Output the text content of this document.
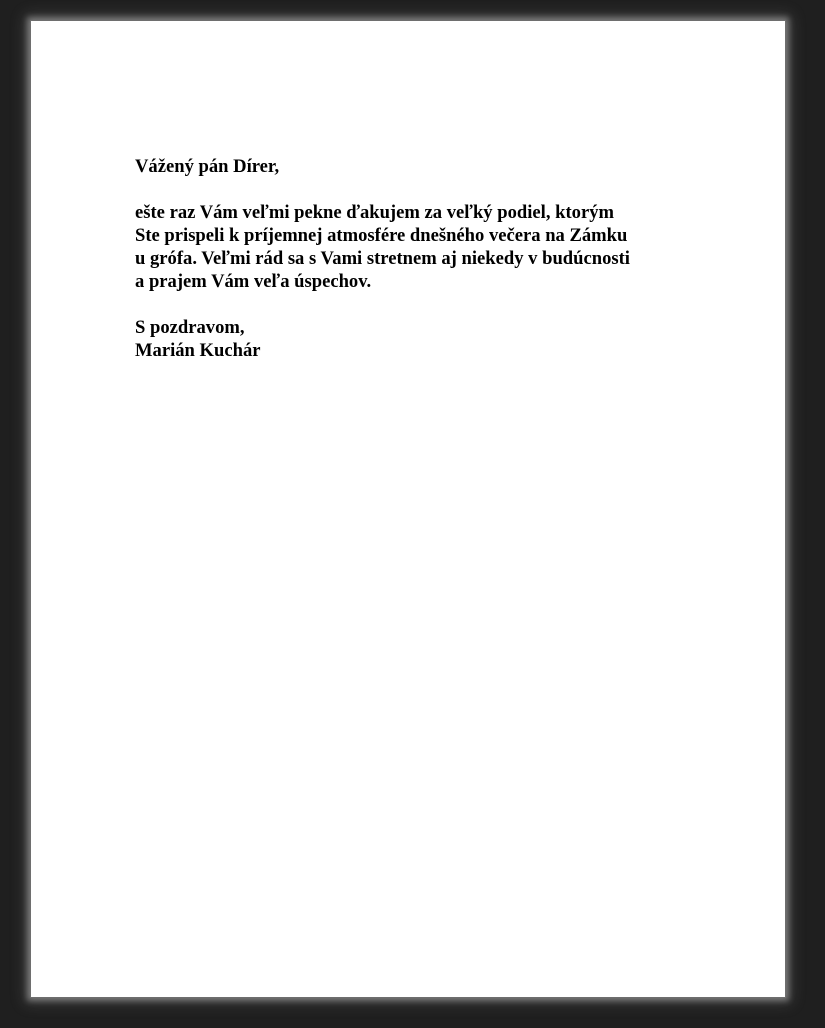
Vážený pán Dírer,

ešte raz Vám veľmi pekne ďakujem za veľký podiel, ktorým
Ste prispeli k príjemnej atmosfére dnešného večera na Zámku
u grófa. Veľmi rád sa s Vami stretnem aj niekedy v budúcnosti
a prajem Vám veľa úspechov.

S pozdravom,
Marián Kuchár
